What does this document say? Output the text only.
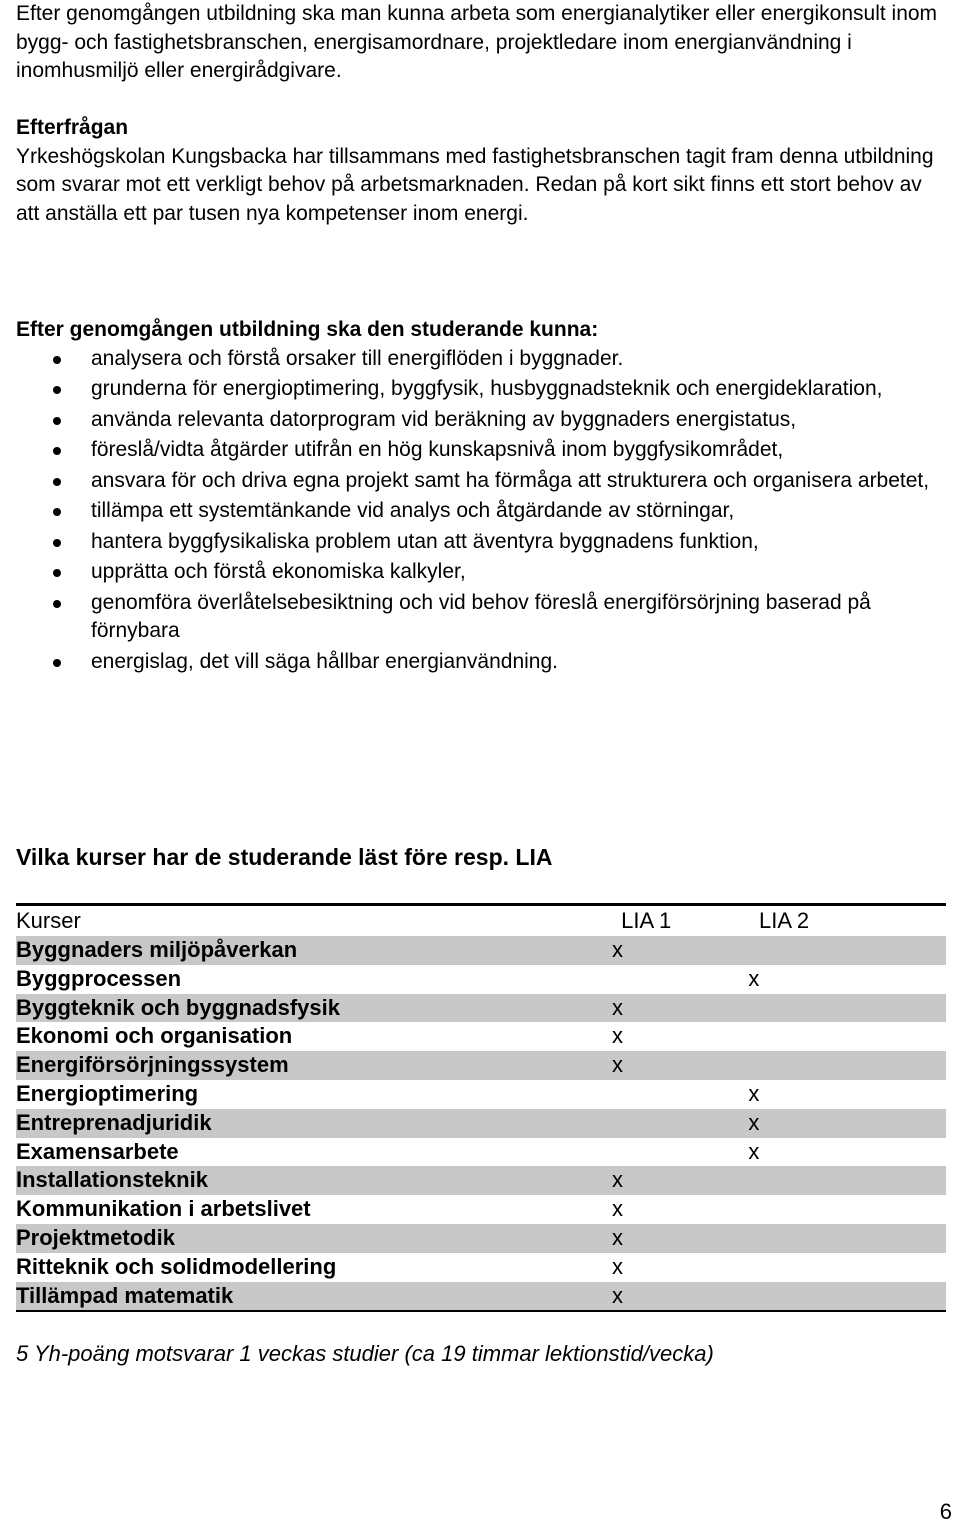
Efter genomgången utbildning ska man kunna arbeta som energianalytiker eller energikonsult inom bygg- och fastighetsbranschen, energisamordnare, projektledare inom energianvändning i inomhusmiljö eller energirådgivare.

Efterfrågan

Yrkeshögskolan Kungsbacka har tillsammans med fastighetsbranschen tagit fram denna utbildning som svarar mot ett verkligt behov på arbetsmarknaden. Redan på kort sikt finns ett stort behov av att anställa ett par tusen nya kompetenser inom energi.

Efter genomgången utbildning ska den studerande kunna:

analysera och förstå orsaker till energiflöden i byggnader.
grunderna för energioptimering, byggfysik, husbyggnadsteknik och energideklaration,
använda relevanta datorprogram vid beräkning av byggnaders energistatus,
föreslå/vidta åtgärder utifrån en hög kunskapsnivå inom byggfysikområdet,
ansvara för och driva egna projekt samt ha förmåga att strukturera och organisera arbetet,
tillämpa ett systemtänkande vid analys och åtgärdande av störningar,
hantera byggfysikaliska problem utan att äventyra byggnadens funktion,
upprätta och förstå ekonomiska kalkyler,
genomföra överlåtelsebesiktning och vid behov föreslå energiförsörjning baserad på förnybara
energislag, det vill säga hållbar energianvändning.

Vilka kurser har de studerande läst före resp. LIA

Kurser	LIA 1	LIA 2	
Byggnaders miljöpåverkan	x		
Byggprocessen		x	
Byggteknik och byggnadsfysik	x		
Ekonomi och organisation	x		
Energiförsörjningssystem	x		
Energioptimering		x	
Entreprenadjuridik		x	
Examensarbete		x	
Installationsteknik	x		
Kommunikation i arbetslivet	x		
Projektmetodik	x		
Ritteknik och solidmodellering	x		
Tillämpad matematik	x		

5 Yh-poäng motsvarar 1 veckas studier (ca 19 timmar lektionstid/vecka)

6
